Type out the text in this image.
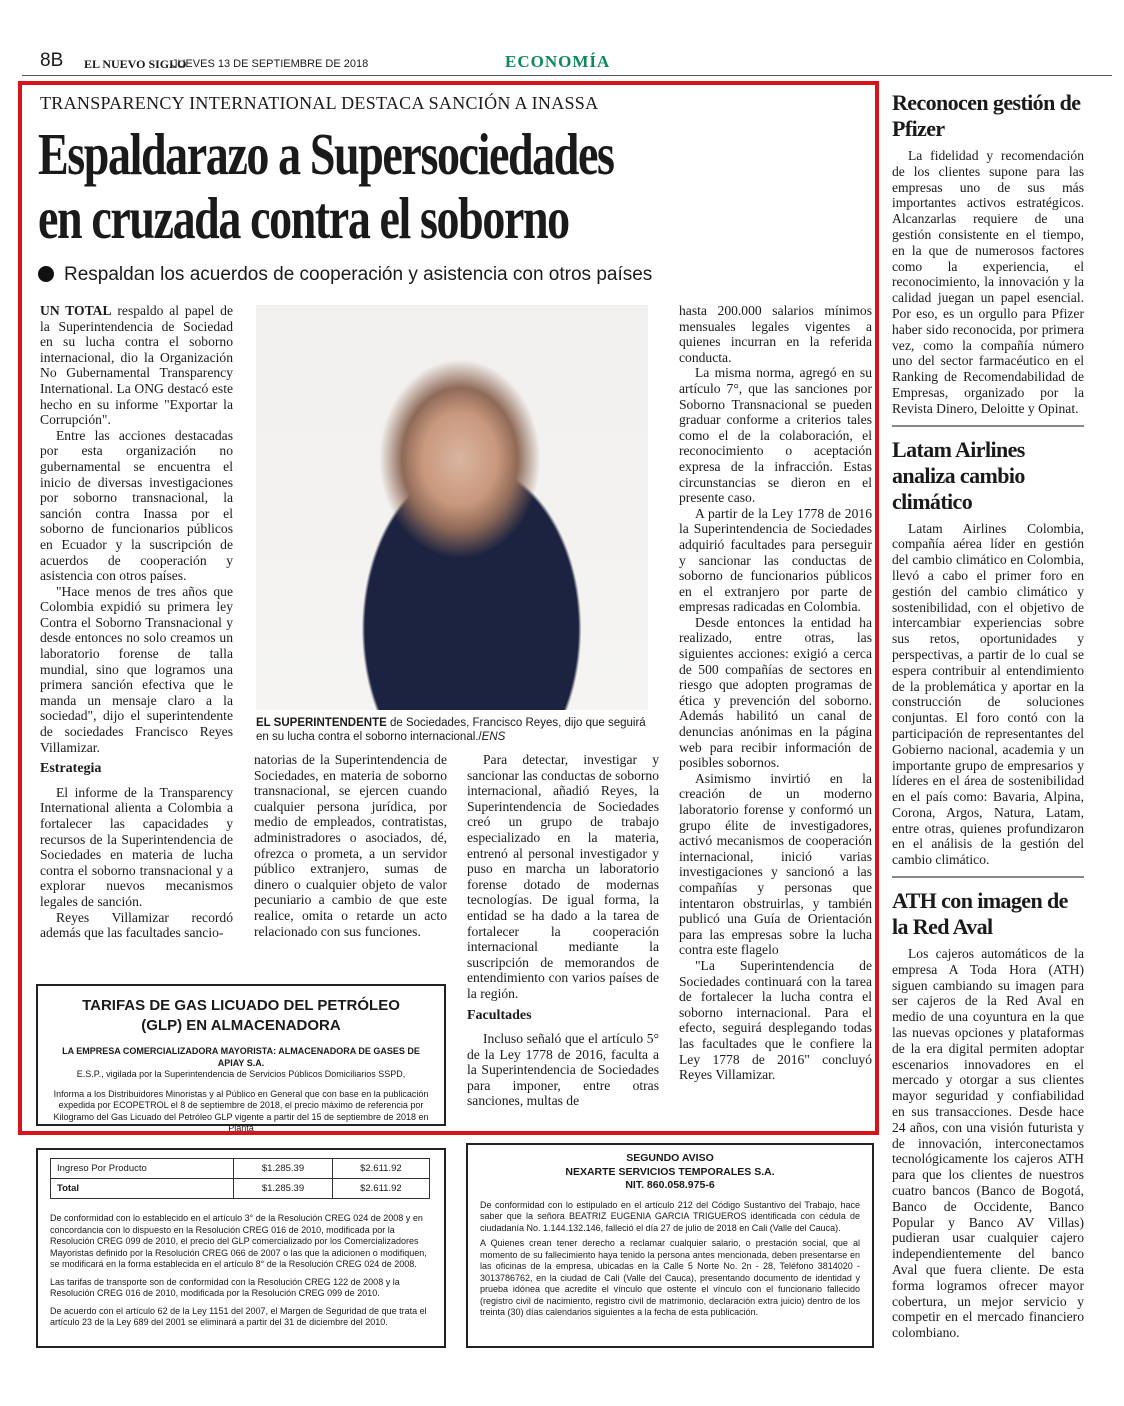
8B EL NUEVO SIGLO
JUEVES 13 DE SEPTIEMBRE DE 2018	ECONOMÍA
TRANSPARENCY INTERNATIONAL DESTACA SANCIÓN A INASSA
Espaldarazo a Supersociedades
en cruzada contra el soborno
Respaldan los acuerdos de cooperación y asistencia con otros países

UN TOTAL respaldo al papel de la Superintendencia de Sociedad en su lucha contra el soborno internacional, dio la Organización No Gubernamental Transparency International. La ONG destacó este hecho en su informe "Exportar la Corrupción".

Entre las acciones destacadas por esta organización no gubernamental se encuentra el inicio de diversas investigaciones por soborno transnacional, la sanción contra Inassa por el soborno de funcionarios públicos en Ecuador y la suscripción de acuerdos de cooperación y asistencia con otros países.

"Hace menos de tres años que Colombia expidió su primera ley Contra el Soborno Transnacional y desde entonces no solo creamos un laboratorio forense de talla mundial, sino que logramos una primera sanción efectiva que le manda un mensaje claro a la sociedad", dijo el superintendente de sociedades Francisco Reyes Villamizar.

Estrategia

El informe de la Transparency International alienta a Colombia a fortalecer las capacidades y recursos de la Superintendencia de Sociedades en materia de lucha contra el soborno transnacional y a explorar nuevos mecanismos legales de sanción.

Reyes Villamizar recordó además que las facultades sancio-

EL SUPERINTENDENTE de Sociedades, Francisco Reyes, dijo que seguirá en su lucha contra el soborno internacional./ENS

natorias de la Superintendencia de Sociedades, en materia de soborno transnacional, se ejercen cuando cualquier persona jurídica, por medio de empleados, contratistas, administradores o asociados, dé, ofrezca o prometa, a un servidor público extranjero, sumas de dinero o cualquier objeto de valor pecuniario a cambio de que este realice, omita o retarde un acto relacionado con sus funciones.

Para detectar, investigar y sancionar las conductas de soborno internacional, añadió Reyes, la Superintendencia de Sociedades creó un grupo de trabajo especializado en la materia, entrenó al personal investigador y puso en marcha un laboratorio forense dotado de modernas tecnologías. De igual forma, la entidad se ha dado a la tarea de fortalecer la cooperación internacional mediante la suscripción de memorandos de entendimiento con varios países de la región.

Facultades

Incluso señaló que el artículo 5° de la Ley 1778 de 2016, faculta a la Superintendencia de Sociedades para imponer, entre otras sanciones, multas de

hasta 200.000 salarios mínimos mensuales legales vigentes a quienes incurran en la referida conducta.

La misma norma, agregó en su artículo 7°, que las sanciones por Soborno Transnacional se pueden graduar conforme a criterios tales como el de la colaboración, el reconocimiento o aceptación expresa de la infracción. Estas circunstancias se dieron en el presente caso.

A partir de la Ley 1778 de 2016 la Superintendencia de Sociedades adquirió facultades para perseguir y sancionar las conductas de soborno de funcionarios públicos en el extranjero por parte de empresas radicadas en Colombia.

Desde entonces la entidad ha realizado, entre otras, las siguientes acciones: exigió a cerca de 500 compañías de sectores en riesgo que adopten programas de ética y prevención del soborno. Además habilitó un canal de denuncias anónimas en la página web para recibir información de posibles sobornos.

Asimismo invirtió en la creación de un moderno laboratorio forense y conformó un grupo élite de investigadores, activó mecanismos de cooperación internacional, inició varias investigaciones y sancionó a las compañías y personas que intentaron obstruirlas, y también publicó una Guía de Orientación para las empresas sobre la lucha contra este flagelo

"La Superintendencia de Sociedades continuará con la tarea de fortalecer la lucha contra el soborno internacional. Para el efecto, seguirá desplegando todas las facultades que le confiere la Ley 1778 de 2016" concluyó Reyes Villamizar.

Reconocen gestión de Pfizer

La fidelidad y recomendación de los clientes supone para las empresas uno de sus más importantes activos estratégicos. Alcanzarlas requiere de una gestión consistente en el tiempo, en la que de numerosos factores como la experiencia, el reconocimiento, la innovación y la calidad juegan un papel esencial. Por eso, es un orgullo para Pfizer haber sido reconocida, por primera vez, como la compañía número uno del sector farmacéutico en el Ranking de Recomendabilidad de Empresas, organizado por la Revista Dinero, Deloitte y Opinat.

Latam Airlines analiza cambio climático

Latam Airlines Colombia, compañía aérea líder en gestión del cambio climático en Colombia, llevó a cabo el primer foro en gestión del cambio climático y sostenibilidad, con el objetivo de intercambiar experiencias sobre sus retos, oportunidades y perspectivas, a partir de lo cual se espera contribuir al entendimiento de la problemática y aportar en la construcción de soluciones conjuntas. El foro contó con la participación de representantes del Gobierno nacional, academia y un importante grupo de empresarios y líderes en el área de sostenibilidad en el país como: Bavaria, Alpina, Corona, Argos, Natura, Latam, entre otras, quienes profundizaron en el análisis de la gestión del cambio climático.

ATH con imagen de la Red Aval

Los cajeros automáticos de la empresa A Toda Hora (ATH) siguen cambiando su imagen para ser cajeros de la Red Aval en medio de una coyuntura en la que las nuevas opciones y plataformas de la era digital permiten adoptar escenarios innovadores en el mercado y otorgar a sus clientes mayor seguridad y confiabilidad en sus transacciones. Desde hace 24 años, con una visión futurista y de innovación, interconectamos tecnológicamente los cajeros ATH para que los clientes de nuestros cuatro bancos (Banco de Bogotá, Banco de Occidente, Banco Popular y Banco AV Villas) pudieran usar cualquier cajero independientemente del banco Aval que fuera cliente. De esta forma logramos ofrecer mayor cobertura, un mejor servicio y competir en el mercado financiero colombiano.

TARIFAS DE GAS LICUADO DEL PETRÓLEO
(GLP) EN ALMACENADORA
LA EMPRESA COMERCIALIZADORA MAYORISTA: ALMACENADORA DE GASES DE APIAY S.A.
E.S.P., vigilada por la Superintendencia de Servicios Públicos Domiciliarios SSPD,
Informa a los Distribuidores Minoristas y al Público en General que con base en la publicación
expedida por ECOPETROL el 8 de septiembre de 2018, el precio máximo de referencia por
Kilogramo del Gas Licuado del Petróleo GLP vigente a partir del 15 de septiembre de 2018 en Planta
Ingreso Por Producto	$1.285.39	$2.611.92
Total	$1.285.39	$2.611.92
De conformidad con lo establecido en el artículo 3° de la Resolución CREG 024 de 2008 y en concordancia con lo dispuesto en la Resolución CREG 016 de 2010, modificada por la Resolución CREG 099 de 2010, el precio del GLP comercializado por los Comercializadores Mayoristas definido por la Resolución CREG 066 de 2007 o las que la adicionen o modifiquen, se modificará en la forma establecida en el artículo 8° de la Resolución CREG 024 de 2008.
Las tarifas de transporte son de conformidad con la Resolución CREG 122 de 2008 y la Resolución CREG 016 de 2010, modificada por la Resolución CREG 099 de 2010.
De acuerdo con el artículo 62 de la Ley 1151 del 2007, el Margen de Seguridad de que trata el artículo 23 de la Ley 689 del 2001 se eliminará a partir del 31 de diciembre del 2010.
SEGUNDO AVISO
NEXARTE SERVICIOS TEMPORALES S.A.
NIT. 860.058.975-6
De conformidad con lo estipulado en el artículo 212 del Código Sustantivo del Trabajo, hace saber que la señora BEATRIZ EUGENIA GARCIA TRIGUEROS identificada con cédula de ciudadanía No. 1.144.132.146, falleció el día 27 de julio de 2018 en Cali (Valle del Cauca).
A Quienes crean tener derecho a reclamar cualquier salario, o prestación social, que al momento de su fallecimiento haya tenido la persona antes mencionada, deben presentarse en las oficinas de la empresa, ubicadas en la Calle 5 Norte No. 2n - 28, Teléfono 3814020 - 3013786762, en la ciudad de Cali (Valle del Cauca), presentando documento de identidad y prueba idónea que acredite el vínculo que ostente el vínculo con el funcionario fallecido (registro civil de nacimiento, registro civil de matrimonio, declaración extra juicio) dentro de los treinta (30) días calendarios siguientes a la fecha de esta publicación.
